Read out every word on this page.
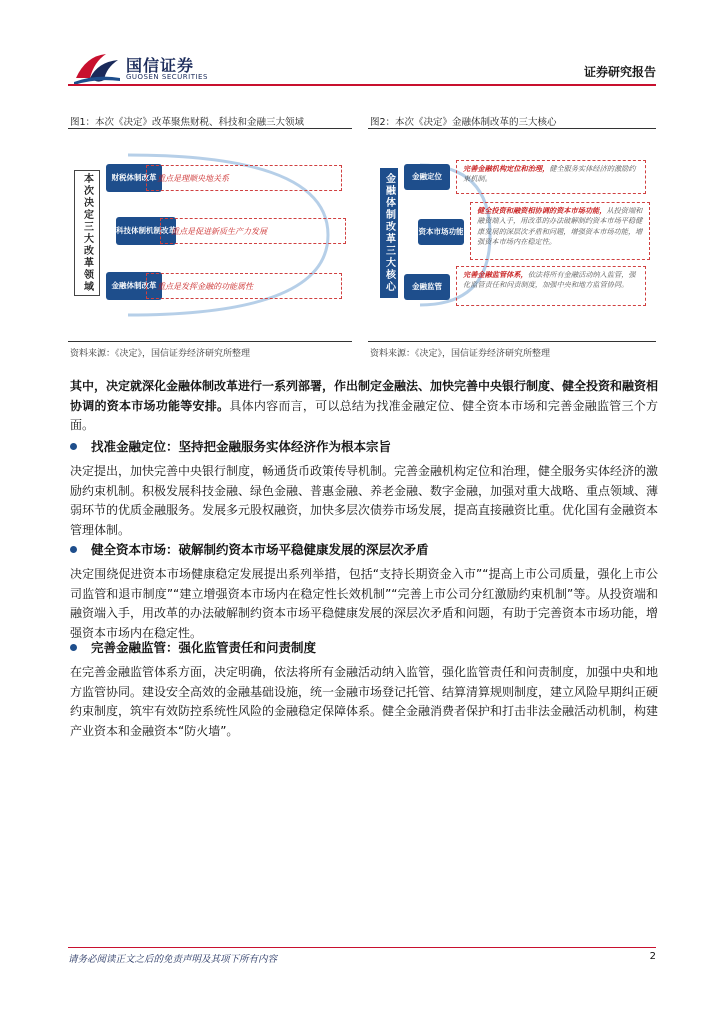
国信证券
GUOSEN SECURITIES	证券研究报告
图1：本次《决定》改革聚焦财税、科技和金融三大领域
本次决定三大改革领域	财税体制改革 重点是理顺央地关系
科技体制机制改革
重点是促进新质生产力发展
金融体制改革 重点是发挥金融的功能属性
资料来源：《决定》，国信证券经济研究所整理
图2：本次《决定》金融体制改革的三大核心
金融体制改革三大核心	金融定位
完善金融机构定位和治理，健全服务实体经济的激励约束机制。
资本市场功能
健全投资和融资相协调的资本市场功能，从投资端和融资端入手，用改革的办法破解制约资本市场平稳健康发展的深层次矛盾和问题，增强资本市场功能，增强资本市场内在稳定性。
金融监管
完善金融监管体系，依法将所有金融活动纳入监管，强化监管责任和问责制度，加强中央和地方监管协同。
资料来源：《决定》，国信证券经济研究所整理

其中，决定就深化金融体制改革进行一系列部署，作出制定金融法、加快完善中央银行制度、健全投资和融资相协调的资本市场功能等安排。具体内容而言，可以总结为找准金融定位、健全资本市场和完善金融监管三个方面。

找准金融定位：坚持把金融服务实体经济作为根本宗旨

决定提出，加快完善中央银行制度，畅通货币政策传导机制。完善金融机构定位和治理，健全服务实体经济的激励约束机制。积极发展科技金融、绿色金融、普惠金融、养老金融、数字金融，加强对重大战略、重点领域、薄弱环节的优质金融服务。发展多元股权融资，加快多层次债券市场发展，提高直接融资比重。优化国有金融资本管理体制。

健全资本市场：破解制约资本市场平稳健康发展的深层次矛盾

决定围绕促进资本市场健康稳定发展提出系列举措，包括“支持长期资金入市”“提高上市公司质量，强化上市公司监管和退市制度”“建立增强资本市场内在稳定性长效机制”“完善上市公司分红激励约束机制”等。从投资端和融资端入手，用改革的办法破解制约资本市场平稳健康发展的深层次矛盾和问题，有助于完善资本市场功能，增强资本市场内在稳定性。

完善金融监管：强化监管责任和问责制度

在完善金融监管体系方面，决定明确，依法将所有金融活动纳入监管，强化监管责任和问责制度，加强中央和地方监管协同。建设安全高效的金融基础设施，统一金融市场登记托管、结算清算规则制度，建立风险早期纠正硬约束制度，筑牢有效防控系统性风险的金融稳定保障体系。健全金融消费者保护和打击非法金融活动机制，构建产业资本和金融资本“防火墙”。

请务必阅读正文之后的免责声明及其项下所有内容	2
